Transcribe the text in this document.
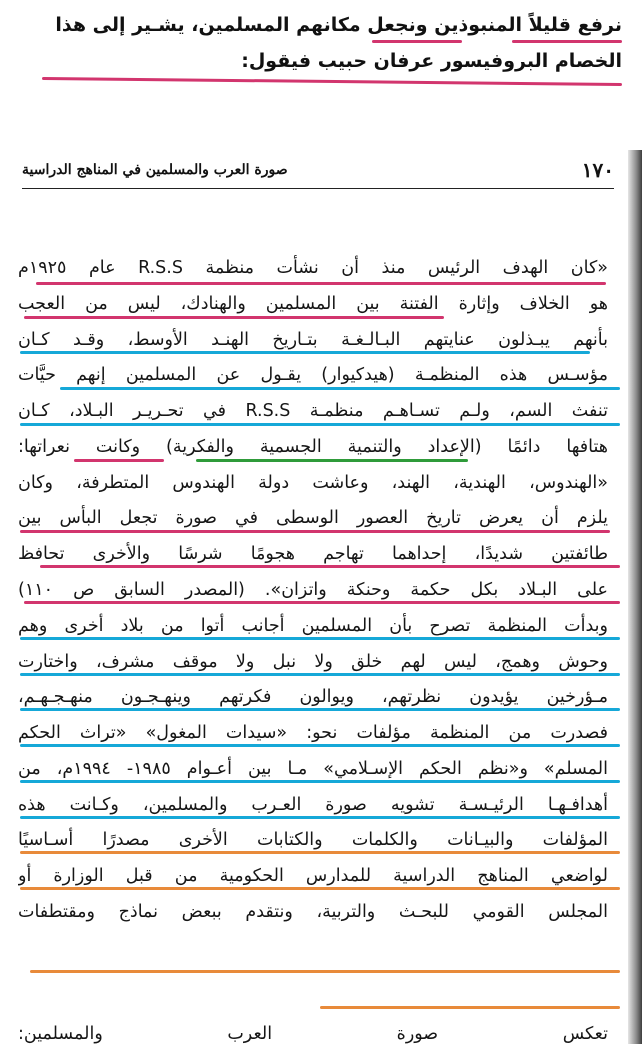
نرفع قليلاً المنبوذين ونجعل مكانهم المسلمين، يشـير إلى هذا
الخصام البروفيسور عرفان حبيب فيقول:
١٧٠
صورة العرب والمسلمين في المناهج الدراسية
«كان الهدف الرئيس منذ أن نشأت منظمة R.S.S عام ١٩٢٥م
هو الخلاف وإثارة الفتنة بين المسلمين والهنادك، ليس من العجب
بأنهم يبـذلون عنايتهم البـالـغـة بتـاريخ الهنـد الأوسط، وقـد كـان
مؤسـس هذه المنظمـة (هيدكيوار) يقـول عن المسلمين إنهم حيَّات
تنفث السم، ولـم تسـاهـم منظمـة R.S.S في تحـريـر البـلاد، كـان
هتافها دائمًا (الإعداد والتنمية الجسمية والفكرية) وكانت نعراتها:
«الهندوس، الهندية، الهند، وعاشت دولة الهندوس المتطرفة، وكان
يلزم أن يعرض تاريخ العصور الوسطى في صورة تجعل البأس بين
طائفتين شديدًا، إحداهما تهاجم هجومًا شرسًا والأخرى تحافظ
على البـلاد بكل حكمة وحنكة واتزان». (المصدر السابق ص ١١٠)
وبدأت المنظمة تصرح بأن المسلمين أجانب أتوا من بلاد أخرى وهم
وحوش وهمج، ليس لهم خلق ولا نبل ولا موقف مشرف، واختارت
مـؤرخين يؤيدون نظرتهم، ويوالون فكرتهم وينهـجـون منهـجـهـم،
فصدرت من المنظمة مؤلفات نحو: «سيدات المغول» «تراث الحكم
المسلم» و«نظم الحكم الإسـلامي» مـا بين أعـوام ١٩٨٥- ١٩٩٤م، من
أهدافـهـا الرئيـسـة تشويه صورة العـرب والمسلمين، وكـانت هذه
المؤلفات والبيـانات والكلمات والكتابات الأخرى مصدرًا أسـاسيًا
لواضعي المناهج الدراسية للمدارس الحكومية من قبل الوزارة أو
المجلس القومي للبحـث والتربية، ونتقدم ببعض نماذج ومقتطفات
تعكس صورة العرب والمسلمين:
